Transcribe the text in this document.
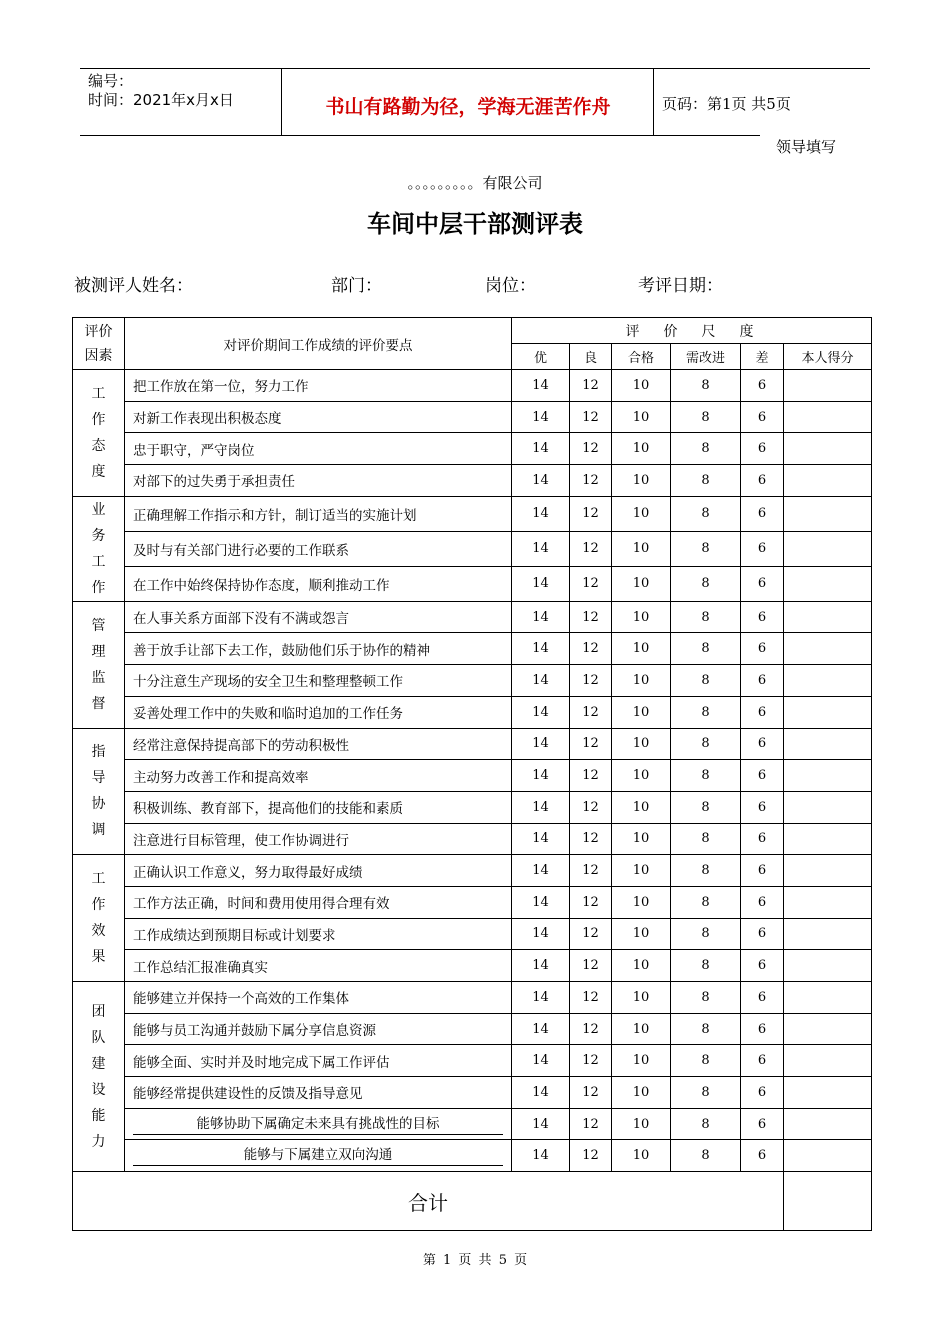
编号：
时间：2021年x月x日	书山有路勤为径，学海无涯苦作舟	页码：第1页 共5页
领导填写
。。。。。。。。。有限公司
车间中层干部测评表
被测评人姓名：	部门：	岗位：	考评日期：
评价因素	对评价期间工作成绩的评价要点	评价尺度					
		优	良	合格	需改进	差	本人得分

工作态度	把工作放在第一位，努力工作	14	12	10	8	6	
	对新工作表现出积极态度	14	12	10	8	6	
	忠于职守，严守岗位	14	12	10	8	6	
	对部下的过失勇于承担责任	14	12	10	8	6	

业务工作	正确理解工作指示和方针，制订适当的实施计划	14	12	10	8	6	
	及时与有关部门进行必要的工作联系	14	12	10	8	6	
	在工作中始终保持协作态度，顺利推动工作	14	12	10	8	6	

管理监督	在人事关系方面部下没有不满或怨言	14	12	10	8	6	
	善于放手让部下去工作，鼓励他们乐于协作的精神	14	12	10	8	6	
	十分注意生产现场的安全卫生和整理整顿工作	14	12	10	8	6	
	妥善处理工作中的失败和临时追加的工作任务	14	12	10	8	6	

指导协调	经常注意保持提高部下的劳动积极性	14	12	10	8	6	
	主动努力改善工作和提高效率	14	12	10	8	6	
	积极训练、教育部下，提高他们的技能和素质	14	12	10	8	6	
	注意进行目标管理，使工作协调进行	14	12	10	8	6	

工作效果	正确认识工作意义，努力取得最好成绩	14	12	10	8	6	
	工作方法正确，时间和费用使用得合理有效	14	12	10	8	6	
	工作成绩达到预期目标或计划要求	14	12	10	8	6	
	工作总结汇报准确真实	14	12	10	8	6	

团队建设能力	能够建立并保持一个高效的工作集体	14	12	10	8	6	
	能够与员工沟通并鼓励下属分享信息资源	14	12	10	8	6	
	能够全面、实时并及时地完成下属工作评估	14	12	10	8	6	
	能够经常提供建设性的反馈及指导意见	14	12	10	8	6	

	能够协助下属确定未来具有挑战性的目标	14	12	10	8	6	

	能够与下属建立双向沟通	14	12	10	8	6	
合计							
第 1 页 共 5 页
